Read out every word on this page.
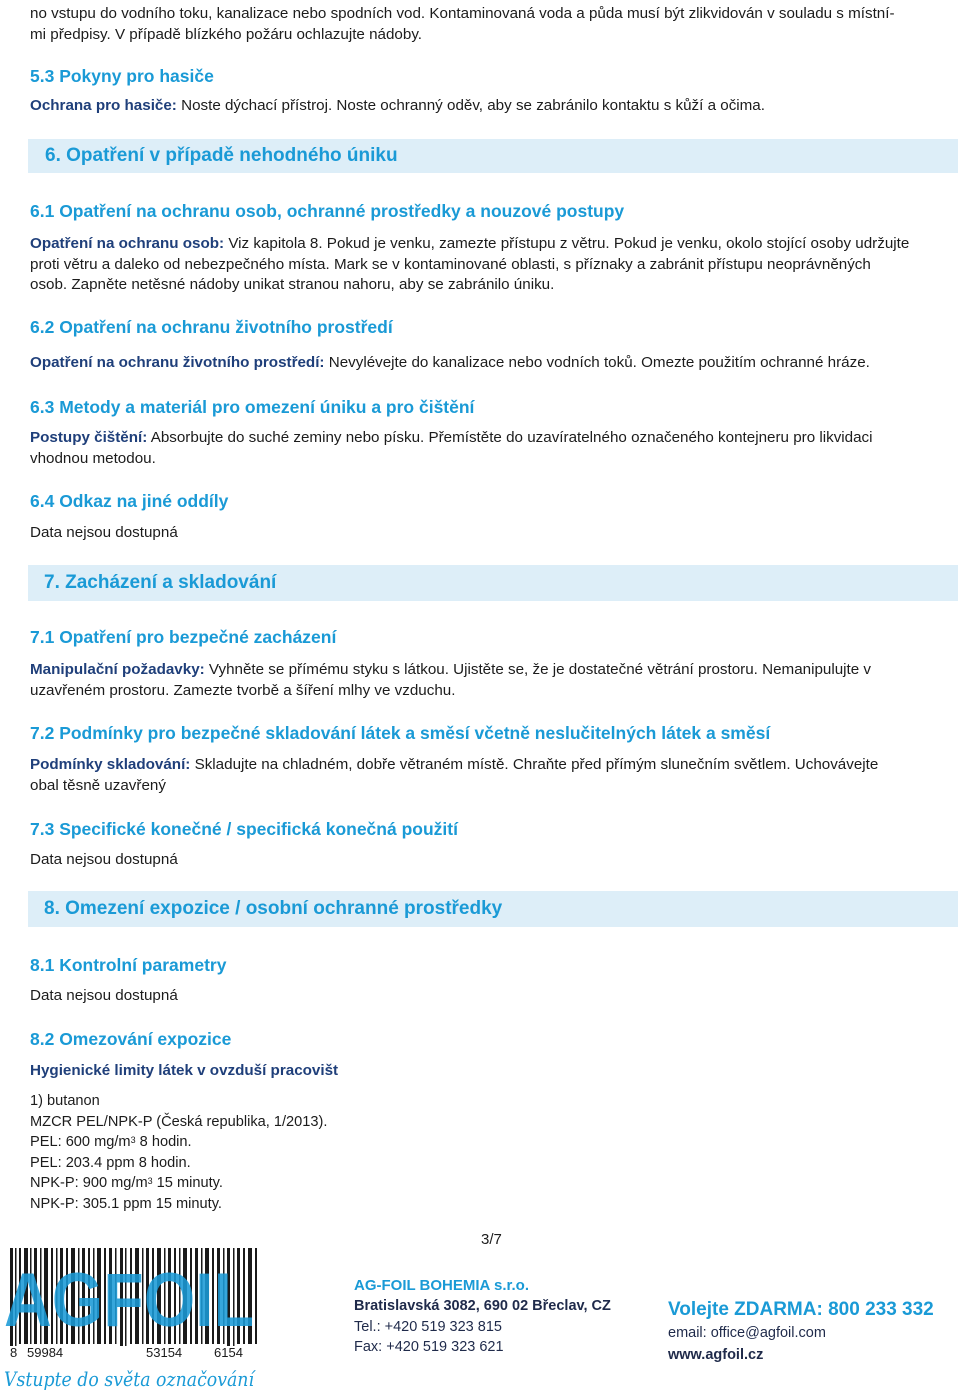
no vstupu do vodního toku, kanalizace nebo spodních vod. Kontaminovaná voda a půda musí být zlikvidován v souladu s místní-
mi předpisy. V případě blízkého požáru ochlazujte nádoby.
5.3 Pokyny pro hasiče
Ochrana pro hasiče: Noste dýchací přístroj. Noste ochranný oděv, aby se zabránilo kontaktu s kůží a očima.
6. Opatření v případě nehodného úniku
6.1 Opatření na ochranu osob, ochranné prostředky a nouzové postupy
Opatření na ochranu osob: Viz kapitola 8. Pokud je venku, zamezte přístupu z větru. Pokud je venku, okolo stojící osoby udržujte
proti větru a daleko od nebezpečného místa. Mark se v kontaminované oblasti, s příznaky a zabránit přístupu neoprávněných
osob. Zapněte netěsné nádoby unikat stranou nahoru, aby se zabránilo úniku.
6.2 Opatření na ochranu životního prostředí
Opatření na ochranu životního prostředí: Nevylévejte do kanalizace nebo vodních toků. Omezte použitím ochranné hráze.
6.3 Metody a materiál pro omezení úniku a pro čištění
Postupy čištění: Absorbujte do suché zeminy nebo písku. Přemístěte do uzavíratelného označeného kontejneru pro likvidaci
vhodnou metodou.
6.4 Odkaz na jiné oddíly
Data nejsou dostupná
7. Zacházení a skladování
7.1 Opatření pro bezpečné zacházení
Manipulační požadavky: Vyhněte se přímému styku s látkou. Ujistěte se, že je dostatečné větrání prostoru. Nemanipulujte v
uzavřeném prostoru. Zamezte tvorbě a šíření mlhy ve vzduchu.
7.2 Podmínky pro bezpečné skladování látek a směsí včetně neslučitelných látek a směsí
Podmínky skladování: Skladujte na chladném, dobře větraném místě. Chraňte před přímým slunečním světlem. Uchovávejte
obal těsně uzavřený
7.3 Specifické konečné / specifická konečná použití
Data nejsou dostupná
8. Omezení expozice / osobní ochranné prostředky
8.1 Kontrolní parametry
Data nejsou dostupná
8.2 Omezování expozice
Hygienické limity látek v ovzduší pracovišt
1) butanon
MZCR PEL/NPK-P (Česká republika, 1/2013).
PEL: 600 $mg/m^3$ 8 hodin.
PEL: 203.4 ppm 8 hodin.
NPK-P: 900 $mg/m^3$ 15 minuty.
NPK-P: 305.1 ppm 15 minuty.
3/7
AGFOIL
8 59984	53154 6154
Vstupte do světa označování
AG-FOIL BOHEMIA s.r.o.
Bratislavská 3082, 690 02 Břeclav, CZ
Tel.: +420 519 323 815
Fax: +420 519 323 621
Volejte ZDARMA: 800 233 332
email: office@agfoil.com
www.agfoil.cz
